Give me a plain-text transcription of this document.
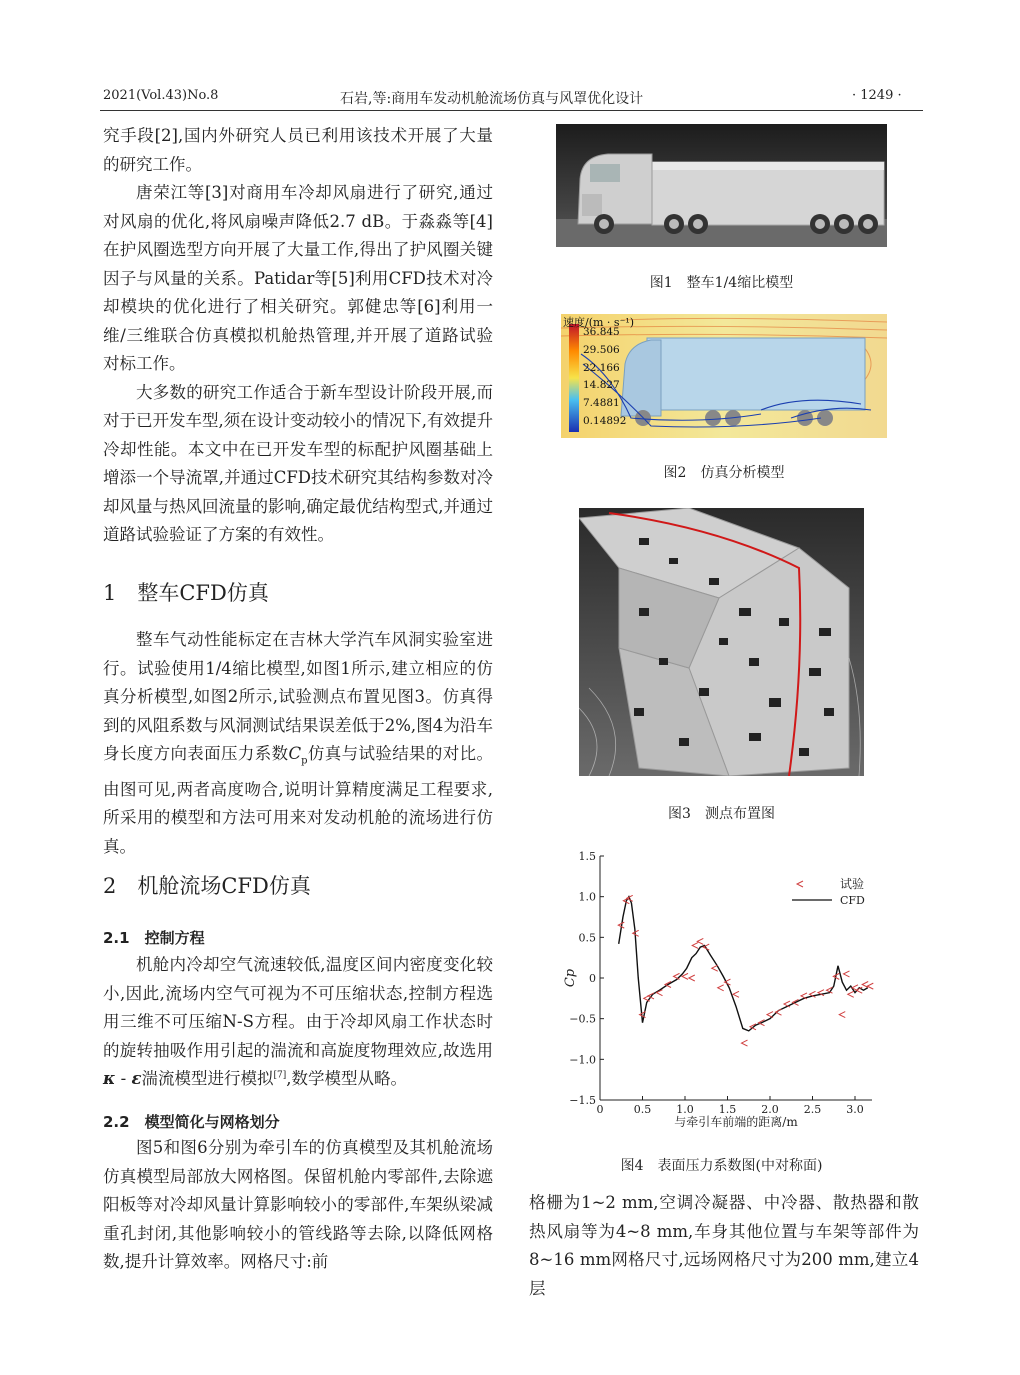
2021(Vol.43)No.8	石岩,等:商用车发动机舱流场仿真与风罩优化设计	· 1249 ·

究手段[2],国内外研究人员已利用该技术开展了大量的研究工作。

唐荣江等[3]对商用车冷却风扇进行了研究,通过对风扇的优化,将风扇噪声降低2.7 dB。于淼淼等[4]在护风圈选型方向开展了大量工作,得出了护风圈关键因子与风量的关系。Patidar等[5]利用CFD技术对冷却模块的优化进行了相关研究。郭健忠等[6]利用一维/三维联合仿真模拟机舱热管理,并开展了道路试验对标工作。

大多数的研究工作适合于新车型设计阶段开展,而对于已开发车型,须在设计变动较小的情况下,有效提升冷却性能。本文中在已开发车型的标配护风圈基础上增添一个导流罩,并通过CFD技术研究其结构参数对冷却风量与热风回流量的影响,确定最优结构型式,并通过道路试验验证了方案的有效性。

1　整车CFD仿真

整车气动性能标定在吉林大学汽车风洞实验室进行。试验使用1/4缩比模型,如图1所示,建立相应的仿真分析模型,如图2所示,试验测点布置见图3。仿真得到的风阻系数与风洞测试结果误差低于2%,图4为沿车身长度方向表面压力系数$C_p$仿真与试验结果的对比。由图可见,两者高度吻合,说明计算精度满足工程要求,所采用的模型和方法可用来对发动机舱的流场进行仿真。

2　机舱流场CFD仿真
2.1　控制方程

机舱内冷却空气流速较低,温度区间内密度变化较小,因此,流场内空气可视为不可压缩状态,控制方程选用三维不可压缩N-S方程。由于冷却风扇工作状态时的旋转抽吸作用引起的湍流和高旋度物理效应,故选用κ - ε湍流模型进行模拟[7],数学模型从略。

2.2　模型简化与网格划分

图5和图6分别为牵引车的仿真模型及其机舱流场仿真模型局部放大网格图。保留机舱内零部件,去除遮阳板等对冷却风量计算影响较小的零部件,车架纵梁减重孔封闭,其他影响较小的管线路等去除,以降低网格数,提升计算效率。网格尺寸:前

图1　整车1/4缩比模型
速度/(m · s⁻¹)
36.845
29.506
22.166
14.827
7.4881
0.14892
图2　仿真分析模型
图3　测点布置图
0	0.5 1.0 1.5 2.0 2.5 3.0
−1.5
−1.0
−0.5
0
0.5
1.0
1.5
与牵引车前端的距离/m
Cp
试验
CFD
图4　表面压力系数图(中对称面)

格栅为1~2 mm,空调冷凝器、中冷器、散热器和散热风扇等为4~8 mm,车身其他位置与车架等部件为8~16 mm网格尺寸,远场网格尺寸为200 mm,建立4层
